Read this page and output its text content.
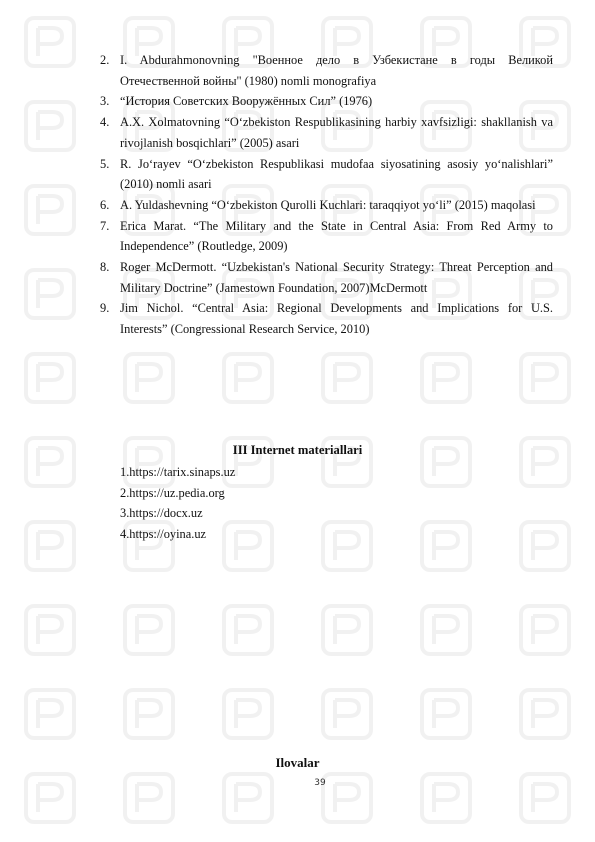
2. I. Abdurahmonovning "Военное дело в Узбекистане в годы Великой Отечественной войны" (1980) nomli monografiya
3. “История Советских Вооружённых Сил” (1976)
4. A.X. Xolmatovning “O‘zbekiston Respublikasining harbiy xavfsizligi: shakllanish va rivojlanish bosqichlari” (2005) asari
5. R. Jo‘rayev “O‘zbekiston Respublikasi mudofaa siyosatining asosiy yo‘nalishlari” (2010) nomli asari
6. A. Yuldashevning “O‘zbekiston Qurolli Kuchlari: taraqqiyot yo‘li” (2015) maqolasi
7. Erica Marat. “The Military and the State in Central Asia: From Red Army to Independence” (Routledge, 2009)
8. Roger McDermott. “Uzbekistan's National Security Strategy: Threat Perception and Military Doctrine” (Jamestown Foundation, 2007)McDermott
9. Jim Nichol. “Central Asia: Regional Developments and Implications for U.S. Interests” (Congressional Research Service, 2010)
III Internet materiallari
1.https://tarix.sinaps.uz
2.https://uz.pedia.org
3.https://docx.uz
4.https://oyina.uz
Ilovalar
39
